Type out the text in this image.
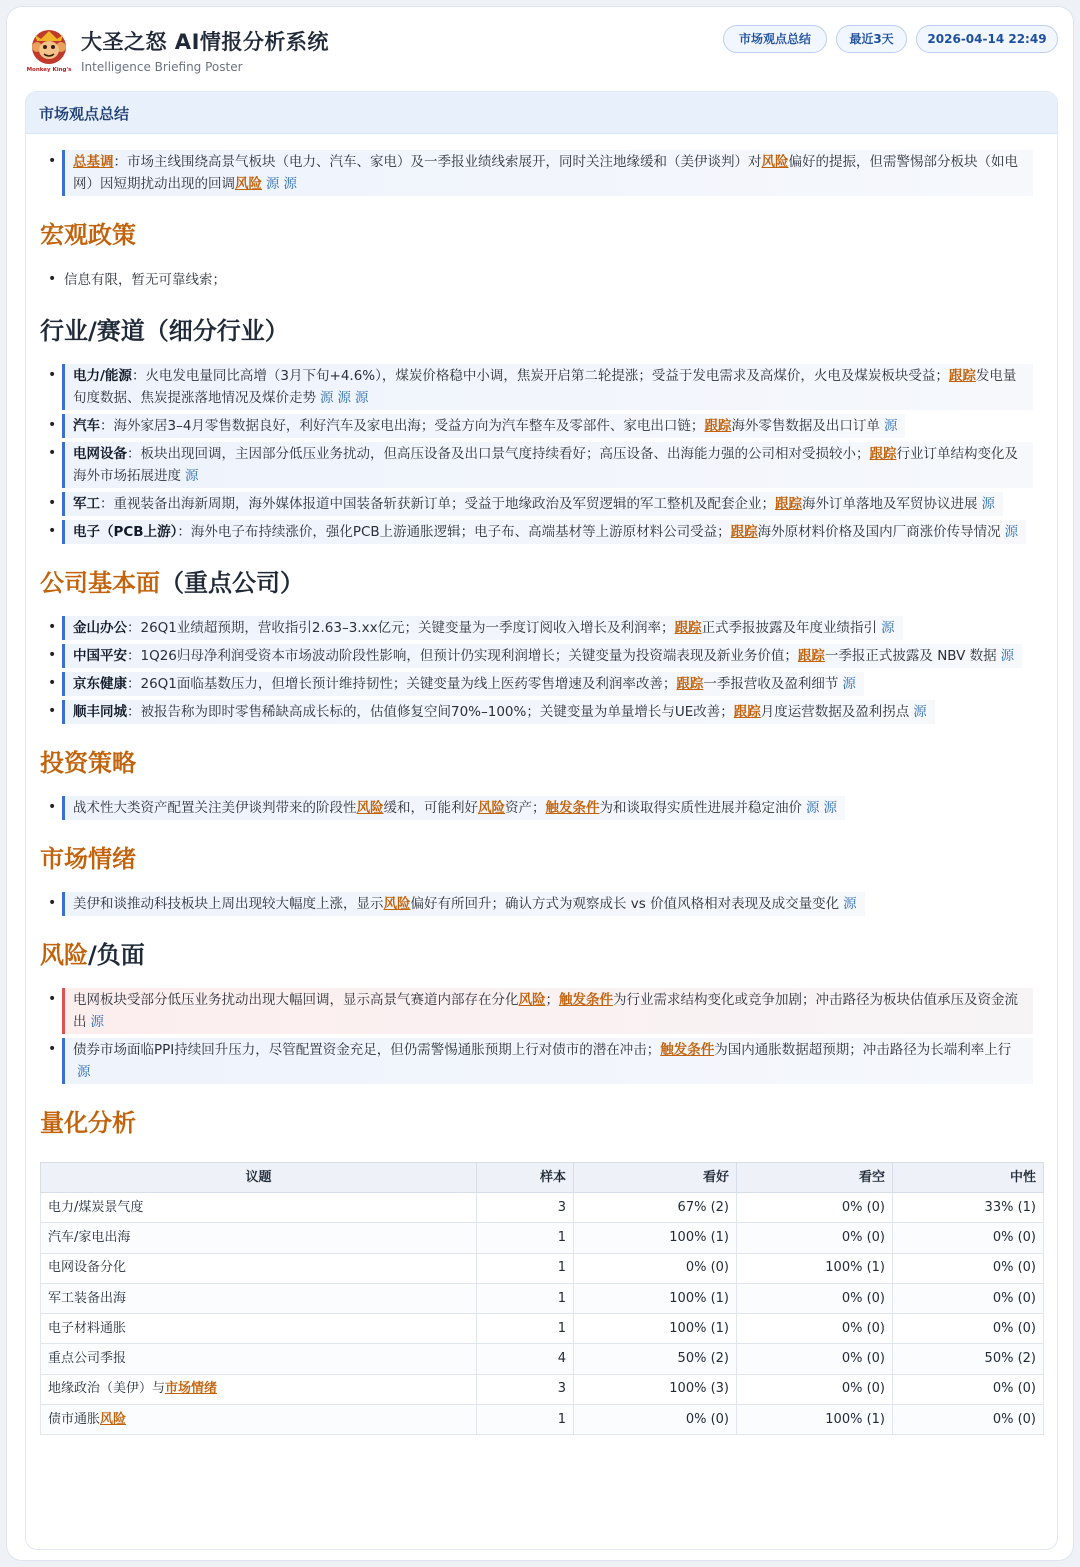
Monkey King's
大圣之怒 AI情报分析系统
Intelligence Briefing Poster
市场观点总结	最近3天	2026-04-14 22:49
市场观点总结
•	总基调：市场主线围绕高景气板块（电力、汽车、家电）及一季报业绩线索展开，同时关注地缘缓和（美伊谈判）对风险偏好的提振，但需警惕部分板块（如电网）因短期扰动出现的回调风险 源 源
宏观政策
• 信息有限，暂无可靠线索；
行业/赛道（细分行业）
•	电力/能源：火电发电量同比高增（3月下旬+4.6%），煤炭价格稳中小调，焦炭开启第二轮提涨；受益于发电需求及高煤价，火电及煤炭板块受益；跟踪发电量旬度数据、焦炭提涨落地情况及煤价走势 源 源 源
•	汽车：海外家居3–4月零售数据良好，利好汽车及家电出海；受益方向为汽车整车及零部件、家电出口链；跟踪海外零售数据及出口订单 源
•	电网设备：板块出现回调，主因部分低压业务扰动，但高压设备及出口景气度持续看好；高压设备、出海能力强的公司相对受损较小；跟踪行业订单结构变化及海外市场拓展进度 源
•	军工：重视装备出海新周期，海外媒体报道中国装备斩获新订单；受益于地缘政治及军贸逻辑的军工整机及配套企业；跟踪海外订单落地及军贸协议进展 源
•	电子（PCB上游）：海外电子布持续涨价，强化PCB上游通胀逻辑；电子布、高端基材等上游原材料公司受益；跟踪海外原材料价格及国内厂商涨价传导情况 源
公司基本面（重点公司）
•	金山办公：26Q1业绩超预期，营收指引2.63–3.xx亿元；关键变量为一季度订阅收入增长及利润率；跟踪正式季报披露及年度业绩指引 源
•	中国平安：1Q26归母净利润受资本市场波动阶段性影响，但预计仍实现利润增长；关键变量为投资端表现及新业务价值；跟踪一季报正式披露及 NBV 数据 源
•	京东健康：26Q1面临基数压力，但增长预计维持韧性；关键变量为线上医药零售增速及利润率改善；跟踪一季报营收及盈利细节 源
•	顺丰同城：被报告称为即时零售稀缺高成长标的，估值修复空间70%–100%；关键变量为单量增长与UE改善；跟踪月度运营数据及盈利拐点 源
投资策略
•	战术性大类资产配置关注美伊谈判带来的阶段性风险缓和，可能利好风险资产；触发条件为和谈取得实质性进展并稳定油价 源 源
市场情绪
•	美伊和谈推动科技板块上周出现较大幅度上涨，显示风险偏好有所回升；确认方式为观察成长 vs 价值风格相对表现及成交量变化 源
风险/负面
•	电网板块受部分低压业务扰动出现大幅回调，显示高景气赛道内部存在分化风险；触发条件为行业需求结构变化或竞争加剧；冲击路径为板块估值承压及资金流出 源
•	债券市场面临PPI持续回升压力，尽管配置资金充足，但仍需警惕通胀预期上行对债市的潜在冲击；触发条件为国内通胀数据超预期；冲击路径为长端利率上行源
量化分析
议题	样本	看好	看空	中性
电力/煤炭景气度	3	67% (2)	0% (0)	33% (1)
汽车/家电出海	1	100% (1)	0% (0)	0% (0)
电网设备分化	1	0% (0)	100% (1)	0% (0)
军工装备出海	1	100% (1)	0% (0)	0% (0)
电子材料通胀	1	100% (1)	0% (0)	0% (0)
重点公司季报	4	50% (2)	0% (0)	50% (2)
地缘政治（美伊）与市场情绪	3	100% (3)	0% (0)	0% (0)
债市通胀风险	1	0% (0)	100% (1)	0% (0)
